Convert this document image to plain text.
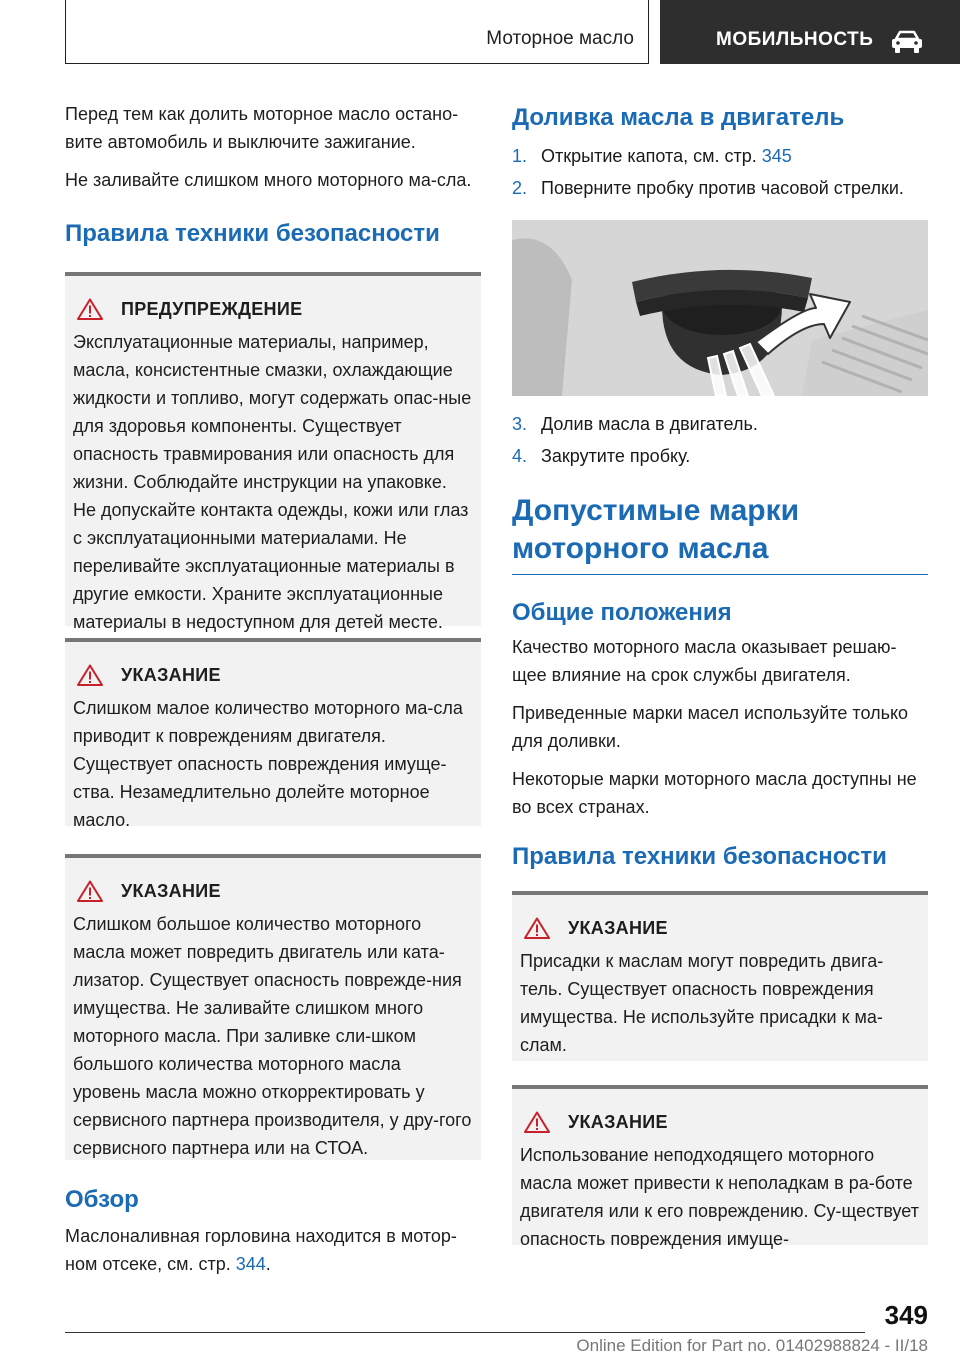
Моторное масло	МОБИЛЬНОСТЬ

Перед тем как долить моторное масло остано-вите автомобиль и выключите зажигание.

Не заливайте слишком много моторного ма-сла.

Правила техники безопасности
ПРЕДУПРЕЖДЕНИЕ

Эксплуатационные материалы, например, масла, консистентные смазки, охлаждающие жидкости и топливо, могут содержать опас-ные для здоровья компоненты. Существует опасность травмирования или опасность для жизни. Соблюдайте инструкции на упаковке. Не допускайте контакта одежды, кожи или глаз с эксплуатационными материалами. Не переливайте эксплуатационные материалы в другие емкости. Храните эксплуатационные материалы в недоступном для детей месте.

УКАЗАНИЕ

Слишком малое количество моторного ма-сла приводит к повреждениям двигателя. Существует опасность повреждения имуще-ства. Незамедлительно долейте моторное масло.

УКАЗАНИЕ

Слишком большое количество моторного масла может повредить двигатель или ката-лизатор. Существует опасность поврежде-ния имущества. Не заливайте слишком много моторного масла. При заливке сли-шком большого количества моторного масла уровень масла можно откорректировать у сервисного партнера производителя, у дру-гого сервисного партнера или на СТОА.

Обзор

Маслоналивная горловина находится в мотор-ном отсеке, см. стр. 344.

Доливка масла в двигатель
1. Открытие капота, см. стр. 345
2. Поверните пробку против часовой стрелки.
3. Долив масла в двигатель.
4. Закрутите пробку.
Допустимые марки
моторного масла
Общие положения

Качество моторного масла оказывает решаю-щее влияние на срок службы двигателя.

Приведенные марки масел используйте только для доливки.

Некоторые марки моторного масла доступны не во всех странах.

Правила техники безопасности
УКАЗАНИЕ

Присадки к маслам могут повредить двига-тель. Существует опасность повреждения имущества. Не используйте присадки к ма-слам.

УКАЗАНИЕ

Использование неподходящего моторного масла может привести к неполадкам в ра-боте двигателя или к его повреждению. Су-ществует опасность повреждения имуще-

349
Online Edition for Part no. 01402988824 - II/18
